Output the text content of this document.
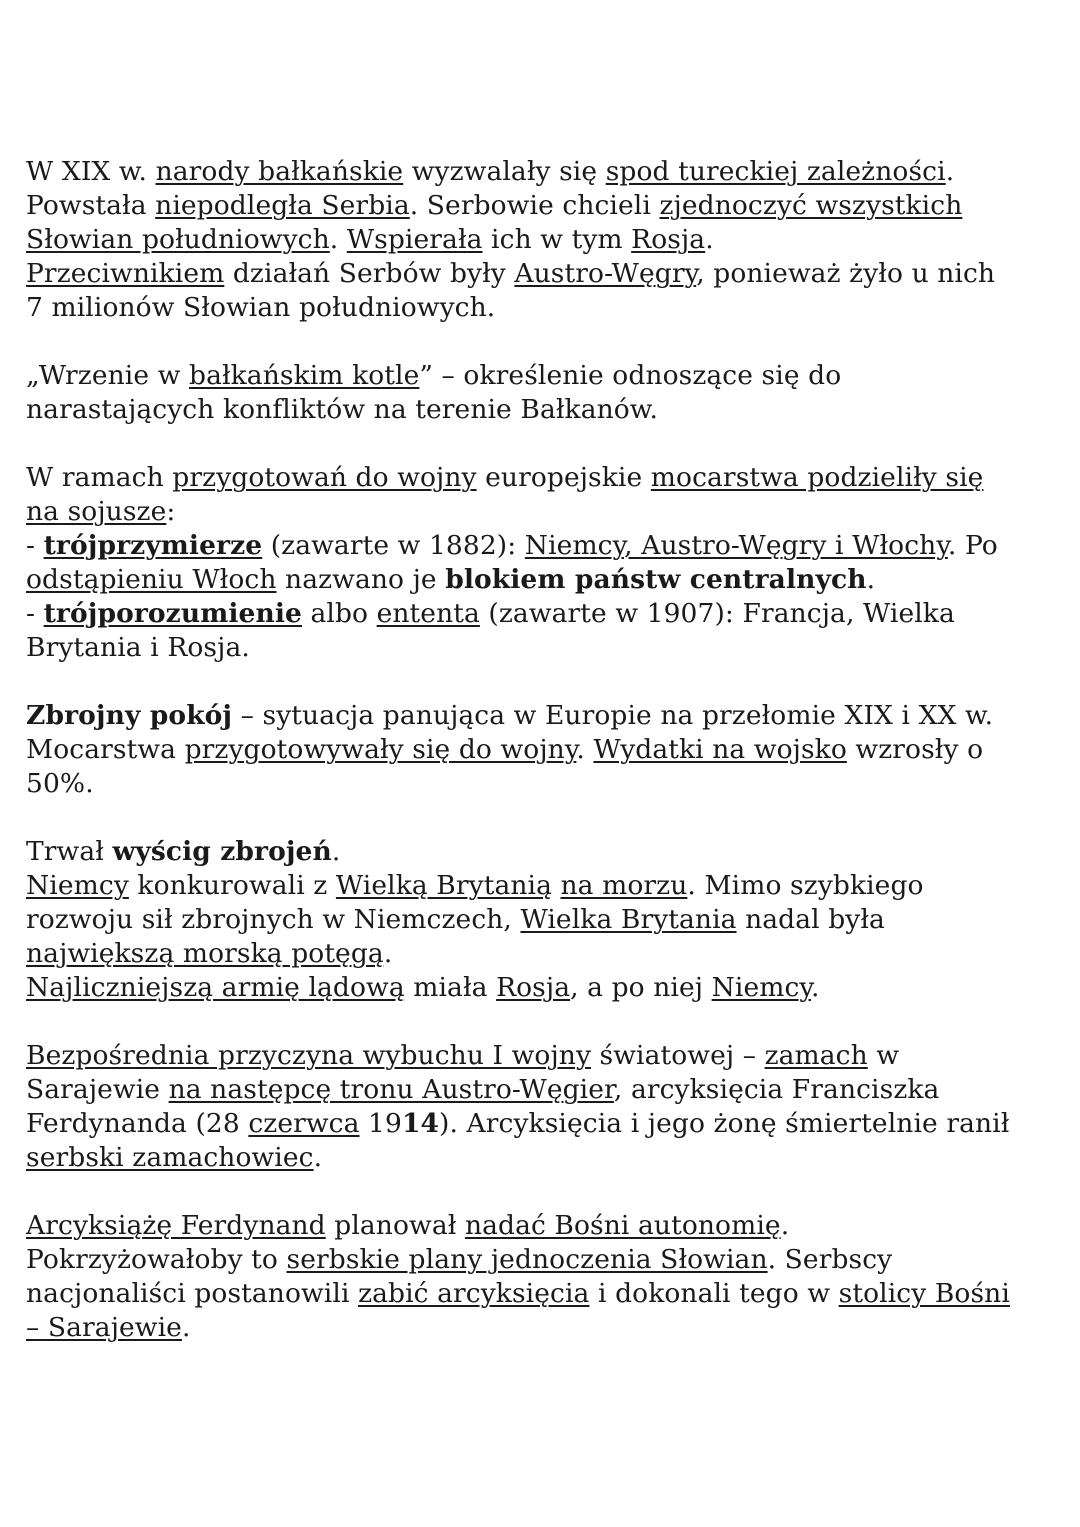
W XIX w. narody bałkańskie wyzwalały się spod tureckiej zależności.
Powstała niepodległa Serbia. Serbowie chcieli zjednoczyć wszystkich
Słowian południowych. Wspierała ich w tym Rosja.
Przeciwnikiem działań Serbów były Austro-Węgry, ponieważ żyło u nich
7 milionów Słowian południowych.
„Wrzenie w bałkańskim kotle” – określenie odnoszące się do
narastających konfliktów na terenie Bałkanów.
W ramach przygotowań do wojny europejskie mocarstwa podzieliły się
na sojusze:
- trójprzymierze (zawarte w 1882): Niemcy, Austro-Węgry i Włochy. Po
odstąpieniu Włoch nazwano je blokiem państw centralnych.
- trójporozumienie albo ententa (zawarte w 1907): Francja, Wielka
Brytania i Rosja.
Zbrojny pokój – sytuacja panująca w Europie na przełomie XIX i XX w.
Mocarstwa przygotowywały się do wojny. Wydatki na wojsko wzrosły o
50%.
Trwał wyścig zbrojeń.
Niemcy konkurowali z Wielką Brytanią na morzu. Mimo szybkiego
rozwoju sił zbrojnych w Niemczech, Wielka Brytania nadal była
największą morską potęgą.
Najliczniejszą armię lądową miała Rosja, a po niej Niemcy.
Bezpośrednia przyczyna wybuchu I wojny światowej – zamach w
Sarajewie na następcę tronu Austro-Węgier, arcyksięcia Franciszka
Ferdynanda (28 czerwca 1914). Arcyksięcia i jego żonę śmiertelnie ranił
serbski zamachowiec.
Arcyksiążę Ferdynand planował nadać Bośni autonomię.
Pokrzyżowałoby to serbskie plany jednoczenia Słowian. Serbscy
nacjonaliści postanowili zabić arcyksięcia i dokonali tego w stolicy Bośni
– Sarajewie.
